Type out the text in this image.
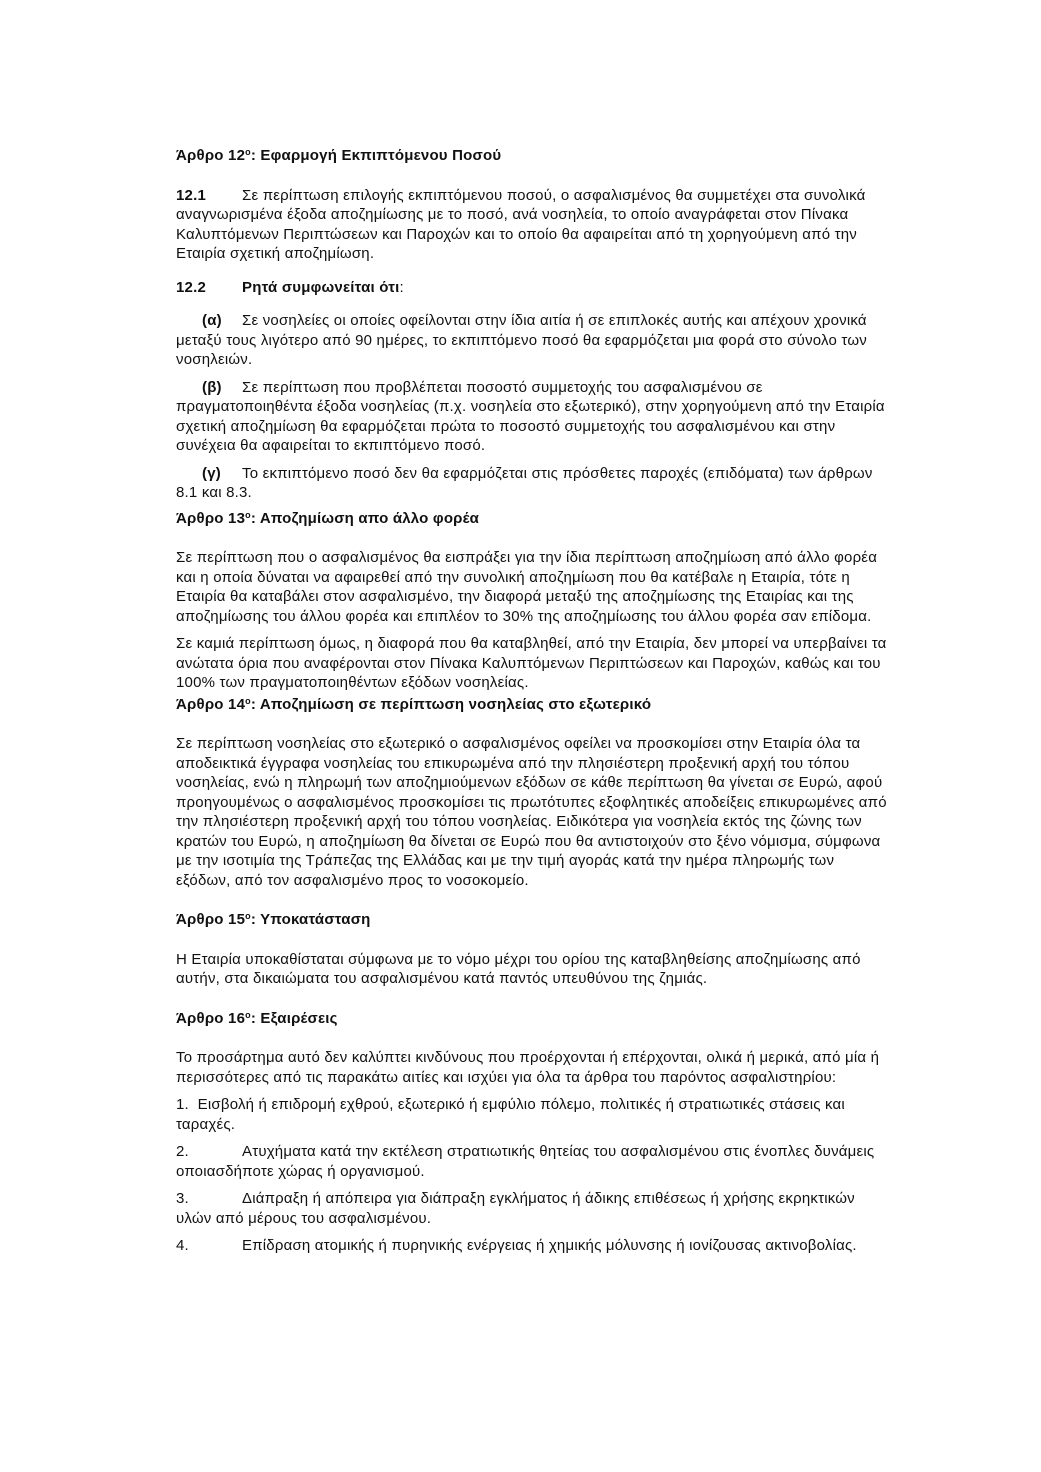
Άρθρο $12^o$: Εφαρμογή Εκπιπτόμενου Ποσού

12.1 Σε περίπτωση επιλογής εκπιπτόμενου ποσού, ο ασφαλισμένος θα συμμετέχει στα συνολικά αναγνωρισμένα έξοδα αποζημίωσης με το ποσό, ανά νοσηλεία, το οποίο αναγράφεται στον Πίνακα Καλυπτόμενων Περιπτώσεων και Παροχών και το οποίο θα αφαιρείται από τη χορηγούμενη από την Εταιρία σχετική αποζημίωση.

12.2 Ρητά συμφωνείται ότι:

(α) Σε νοσηλείες οι οποίες οφείλονται στην ίδια αιτία ή σε επιπλοκές αυτής και απέχουν χρονικά μεταξύ τους λιγότερο από 90 ημέρες, το εκπιπτόμενο ποσό θα εφαρμόζεται μια φορά στο σύνολο των νοσηλειών.

(β) Σε περίπτωση που προβλέπεται ποσοστό συμμετοχής του ασφαλισμένου σε πραγματοποιηθέντα έξοδα νοσηλείας (π.χ. νοσηλεία στο εξωτερικό), στην χορηγούμενη από την Εταιρία σχετική αποζημίωση θα εφαρμόζεται πρώτα το ποσοστό συμμετοχής του ασφαλισμένου και στην συνέχεια θα αφαιρείται το εκπιπτόμενο ποσό.

(γ) Το εκπιπτόμενο ποσό δεν θα εφαρμόζεται στις πρόσθετες παροχές (επιδόματα) των άρθρων 8.1 και 8.3.

Άρθρο $13^o$: Αποζημίωση απο άλλο φορέα

Σε περίπτωση που ο ασφαλισμένος θα εισπράξει για την ίδια περίπτωση αποζημίωση από άλλο φορέα και η οποία δύναται να αφαιρεθεί από την συνολική αποζημίωση που θα κατέβαλε η Εταιρία, τότε η Εταιρία θα καταβάλει στον ασφαλισμένο, την διαφορά μεταξύ της αποζημίωσης της Εταιρίας και της αποζημίωσης του άλλου φορέα και επιπλέον το 30% της αποζημίωσης του άλλου φορέα σαν επίδομα.

Σε καμιά περίπτωση όμως, η διαφορά που θα καταβληθεί, από την Εταιρία, δεν μπορεί να υπερβαίνει τα ανώτατα όρια που αναφέρονται στον Πίνακα Καλυπτόμενων Περιπτώσεων και Παροχών, καθώς και του 100% των πραγματοποιηθέντων εξόδων νοσηλείας.

Άρθρο $14^o$: Αποζημίωση σε περίπτωση νοσηλείας στο εξωτερικό

Σε περίπτωση νοσηλείας στο εξωτερικό ο ασφαλισμένος οφείλει να προσκομίσει στην Εταιρία όλα τα αποδεικτικά έγγραφα νοσηλείας του επικυρωμένα από την πλησιέστερη προξενική αρχή του τόπου νοσηλείας, ενώ η πληρωμή των αποζημιούμενων εξόδων σε κάθε περίπτωση θα γίνεται σε Ευρώ, αφού προηγουμένως ο ασφαλισμένος προσκομίσει τις πρωτότυπες εξοφλητικές αποδείξεις επικυρωμένες από την πλησιέστερη προξενική αρχή του τόπου νοσηλείας. Ειδικότερα για νοσηλεία εκτός της ζώνης των κρατών του Ευρώ, η αποζημίωση θα δίνεται σε Ευρώ που θα αντιστοιχούν στο ξένο νόμισμα, σύμφωνα με την ισοτιμία της Τράπεζας της Ελλάδας και με την τιμή αγοράς κατά την ημέρα πληρωμής των εξόδων, από τον ασφαλισμένο προς το νοσοκομείο.

Άρθρο $15^o$: Υποκατάσταση

Η Εταιρία υποκαθίσταται σύμφωνα με το νόμο μέχρι του ορίου της καταβληθείσης αποζημίωσης από αυτήν, στα δικαιώματα του ασφαλισμένου κατά παντός υπευθύνου της ζημιάς.

Άρθρο $16^o$: Εξαιρέσεις

Το προσάρτημα αυτό δεν καλύπτει κινδύνους που προέρχονται ή επέρχονται, ολικά ή μερικά, από μία ή περισσότερες από τις παρακάτω αιτίες και ισχύει για όλα τα άρθρα του παρόντος ασφαλιστηρίου:

1. Εισβολή ή επιδρομή εχθρού, εξωτερικό ή εμφύλιο πόλεμο, πολιτικές ή στρατιωτικές στάσεις και ταραχές.

2.	Ατυχήματα κατά την εκτέλεση στρατιωτικής θητείας του ασφαλισμένου στις ένοπλες δυνάμεις οποιασδήποτε χώρας ή οργανισμού.

3.	Διάπραξη ή απόπειρα για διάπραξη εγκλήματος ή άδικης επιθέσεως ή χρήσης εκρηκτικών υλών από μέρους του ασφαλισμένου.

4.	Επίδραση ατομικής ή πυρηνικής ενέργειας ή χημικής μόλυνσης ή ιονίζουσας ακτινοβολίας.
